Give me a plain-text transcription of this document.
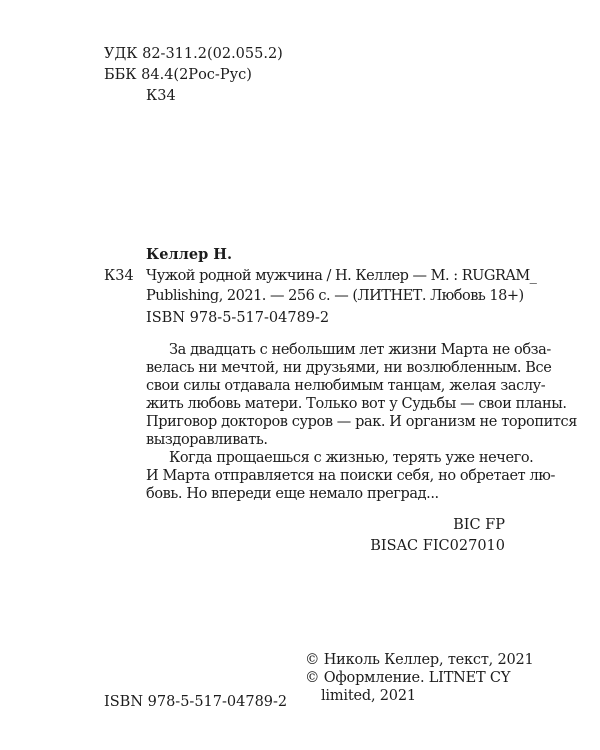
УДК 82-311.2(02.055.2)
ББК 84.4(2Рос-Рус)
К34
Келлер Н.
К34 Чужой родной мужчина / Н. Келлер — М. : RUGRAM_
Publishing, 2021. — 256 с. — (ЛИТНЕТ. Любовь 18+)
ISBN 978-5-517-04789-2
За двадцать с небольшим лет жизни Марта не обза-
велась ни мечтой, ни друзьями, ни возлюбленным. Все
свои силы отдавала нелюбимым танцам, желая заслу-
жить любовь матери. Только вот у Судьбы — свои планы.
Приговор докторов суров — рак. И организм не торопится
выздоравливать.
Когда прощаешься с жизнью, терять уже нечего.
И Марта отправляется на поиски себя, но обретает лю-
бовь. Но впереди еще немало преград...
BIC FP
BISAC FIC027010
ISBN 978-5-517-04789-2
© Николь Келлер, текст, 2021
© Оформление. LITNET CY
limited, 2021
